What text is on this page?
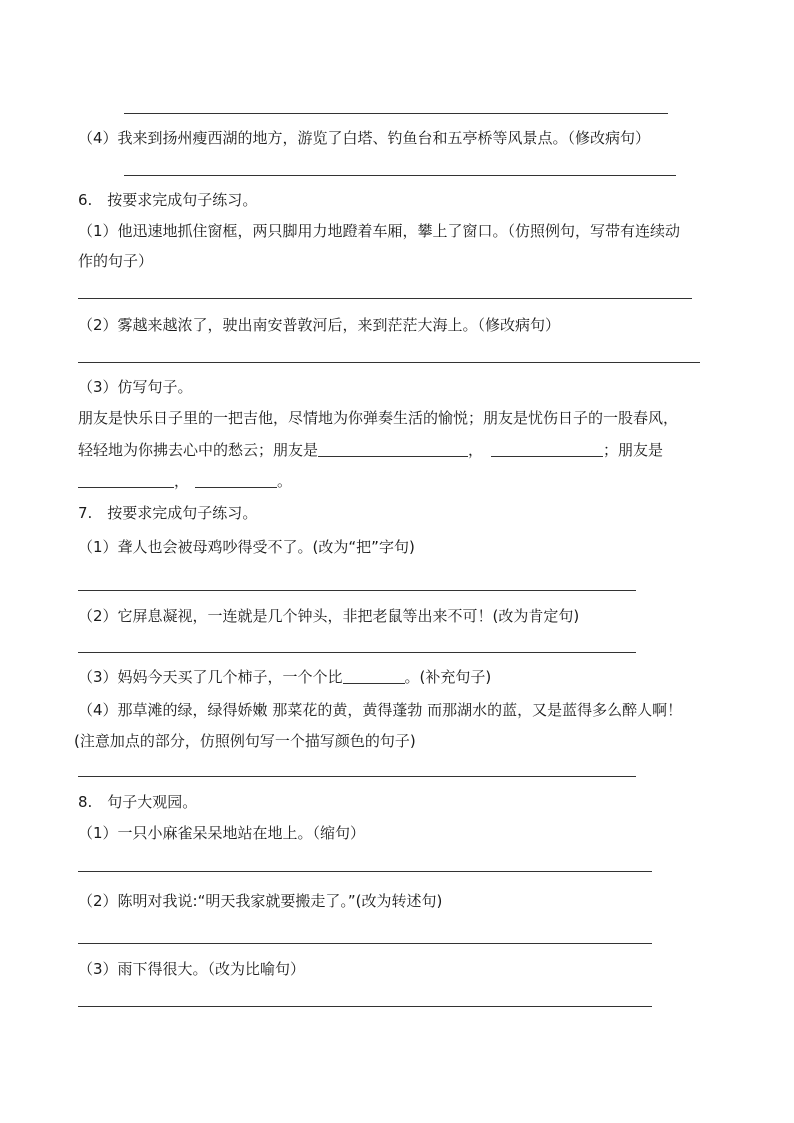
（4）我来到扬州瘦西湖的地方，游览了白塔、钓鱼台和五亭桥等风景点。（修改病句）
6.　按要求完成句子练习。
（1）他迅速地抓住窗框，两只脚用力地蹬着车厢，攀上了窗口。（仿照例句，写带有连续动
作的句子）
（2）雾越来越浓了，驶出南安普敦河后，来到茫茫大海上。（修改病句）
（3）仿写句子。
朋友是快乐日子里的一把吉他，尽情地为你弹奏生活的愉悦；朋友是忧伤日子的一股春风，
轻轻地为你拂去心中的愁云；朋友是	，	；朋友是
，	。
7.　按要求完成句子练习。
（1）聋人也会被母鸡吵得受不了。(改为“把”字句)
（2）它屏息凝视，一连就是几个钟头，非把老鼠等出来不可！(改为肯定句)
（3）妈妈今天买了几个柿子，一个个比	。(补充句子)
（4）那草滩的绿，绿得娇嫩 那菜花的黄，黄得蓬勃 而那湖水的蓝，又是蓝得多么醉人啊！
(注意加点的部分，仿照例句写一个描写颜色的句子)
8.　句子大观园。
（1）一只小麻雀呆呆地站在地上。（缩句）
（2）陈明对我说:“明天我家就要搬走了。”(改为转述句)
（3）雨下得很大。（改为比喻句）
